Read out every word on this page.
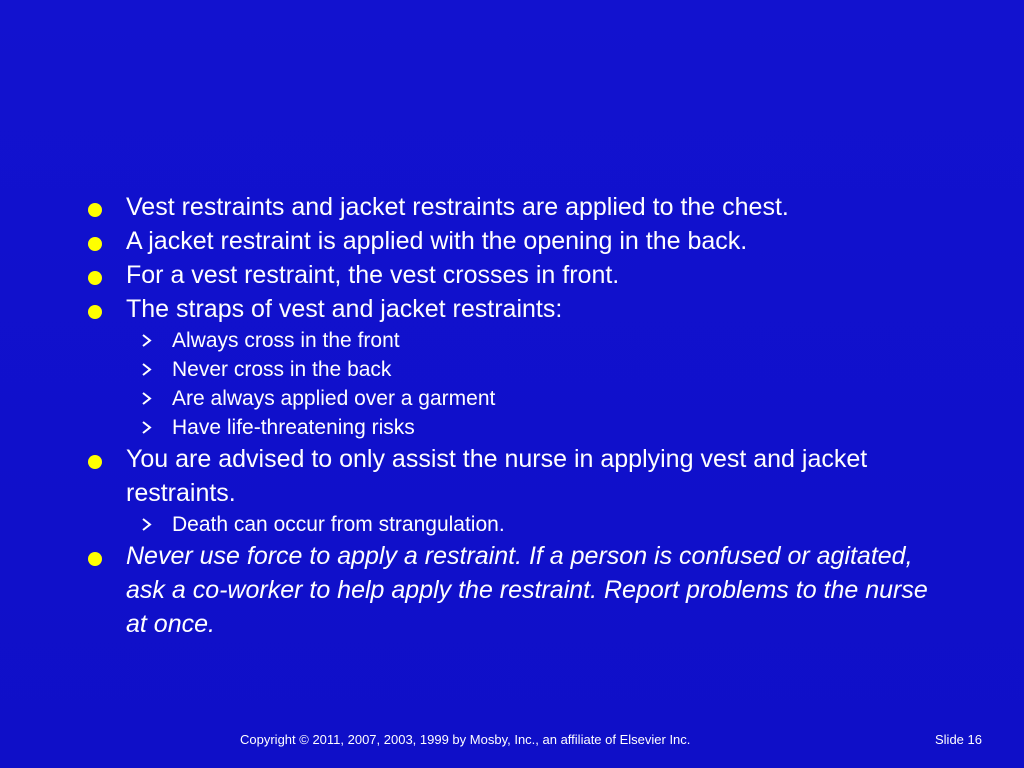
Vest restraints and jacket restraints are applied to the chest.
A jacket restraint is applied with the opening in the back.
For a vest restraint, the vest crosses in front.
The straps of vest and jacket restraints:
Always cross in the front
Never cross in the back
Are always applied over a garment
Have life-threatening risks
You are advised to only assist the nurse in applying vest and jacket restraints.
Death can occur from strangulation.
Never use force to apply a restraint. If a person is confused or agitated, ask a co-worker to help apply the restraint. Report problems to the nurse at once.
Copyright © 2011, 2007, 2003, 1999 by Mosby, Inc., an affiliate of Elsevier Inc.	Slide 16
